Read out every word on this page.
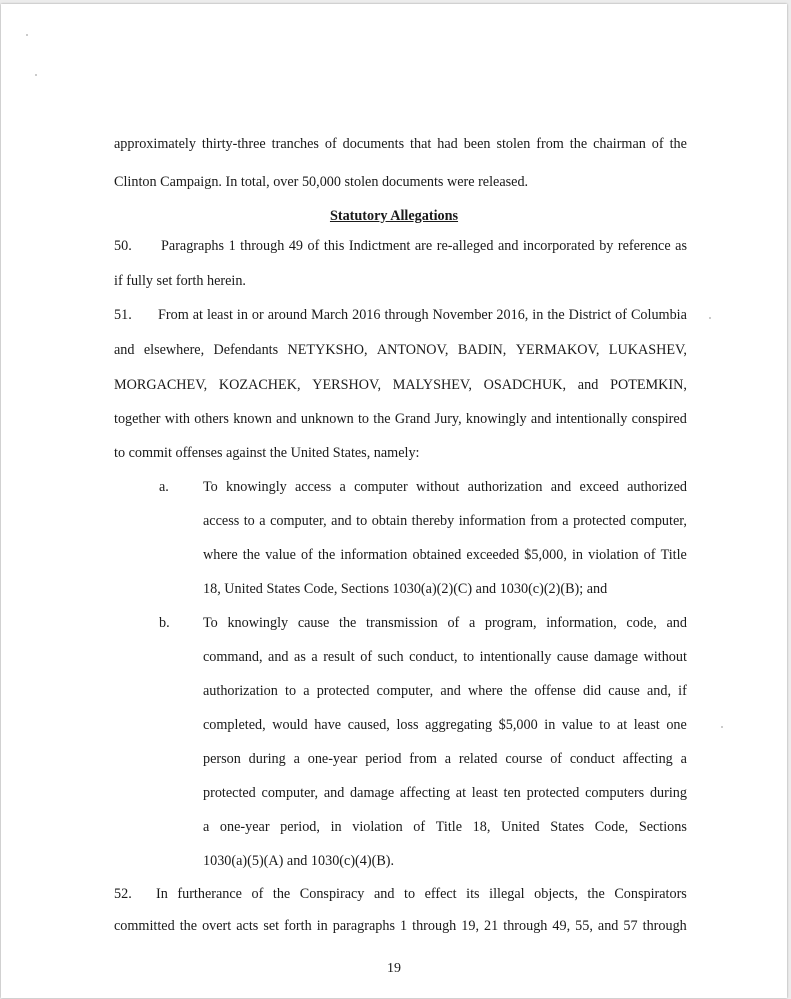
approximately thirty-three tranches of documents that had been stolen from the chairman of the
Clinton Campaign. In total, over 50,000 stolen documents were released.
Statutory Allegations
50. Paragraphs 1 through 49 of this Indictment are re-alleged and incorporated by reference as
if fully set forth herein.
51. From at least in or around March 2016 through November 2016, in the District of Columbia
and elsewhere, Defendants NETYKSHO, ANTONOV, BADIN, YERMAKOV, LUKASHEV,
MORGACHEV, KOZACHEK, YERSHOV, MALYSHEV, OSADCHUK, and POTEMKIN,
together with others known and unknown to the Grand Jury, knowingly and intentionally conspired
to commit offenses against the United States, namely:
a. To knowingly access a computer without authorization and exceed authorized
access to a computer, and to obtain thereby information from a protected computer,
where the value of the information obtained exceeded $5,000, in violation of Title
18, United States Code, Sections 1030(a)(2)(C) and 1030(c)(2)(B); and
b. To knowingly cause the transmission of a program, information, code, and
command, and as a result of such conduct, to intentionally cause damage without
authorization to a protected computer, and where the offense did cause and, if
completed, would have caused, loss aggregating $5,000 in value to at least one
person during a one-year period from a related course of conduct affecting a
protected computer, and damage affecting at least ten protected computers during
a one-year period, in violation of Title 18, United States Code, Sections
1030(a)(5)(A) and 1030(c)(4)(B).
52. In furtherance of the Conspiracy and to effect its illegal objects, the Conspirators
committed the overt acts set forth in paragraphs 1 through 19, 21 through 49, 55, and 57 through
19
